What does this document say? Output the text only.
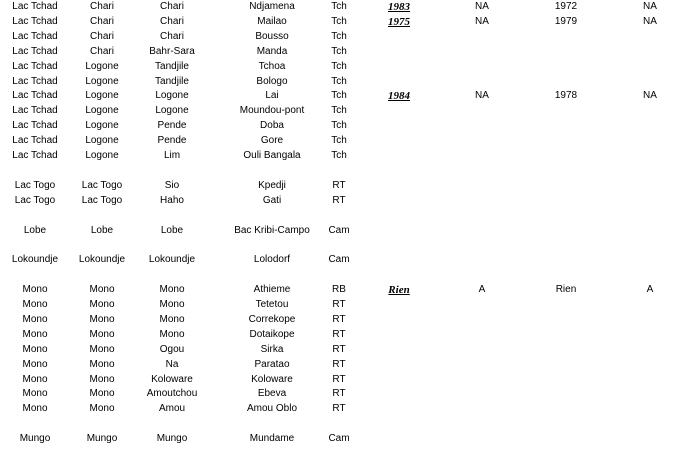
Lac Tchad	Chari	Chari	Ndjamena	Tch	1983	NA	1972	NA
Lac Tchad	Chari	Chari	Mailao	Tch	1975	NA	1979	NA
Lac Tchad	Chari	Chari	Bousso	Tch
Lac Tchad	Chari	Bahr-Sara	Manda	Tch
Lac Tchad	Logone	Tandjile	Tchoa	Tch
Lac Tchad	Logone	Tandjile	Bologo	Tch
Lac Tchad	Logone	Logone	Lai	Tch	1984	NA	1978	NA
Lac Tchad	Logone	Logone	Moundou-pont	Tch
Lac Tchad	Logone	Pende	Doba	Tch
Lac Tchad	Logone	Pende	Gore	Tch
Lac Tchad	Logone	Lim	Ouli Bangala	Tch
Lac Togo	Lac Togo	Sio	Kpedji	RT
Lac Togo	Lac Togo	Haho	Gati	RT
Lobe	Lobe	Lobe	Bac Kribi-Campo	Cam
Lokoundje	Lokoundje	Lokoundje	Lolodorf	Cam
Mono	Mono	Mono	Athieme	RB	Rien	A	Rien	A
Mono	Mono	Mono	Tetetou	RT
Mono	Mono	Mono	Correkope	RT
Mono	Mono	Mono	Dotaikope	RT
Mono	Mono	Ogou	Sirka	RT
Mono	Mono	Na	Paratao	RT
Mono	Mono	Koloware	Koloware	RT
Mono	Mono	Amoutchou	Ebeva	RT
Mono	Mono	Amou	Amou Oblo	RT
Mungo	Mungo	Mungo	Mundame	Cam
